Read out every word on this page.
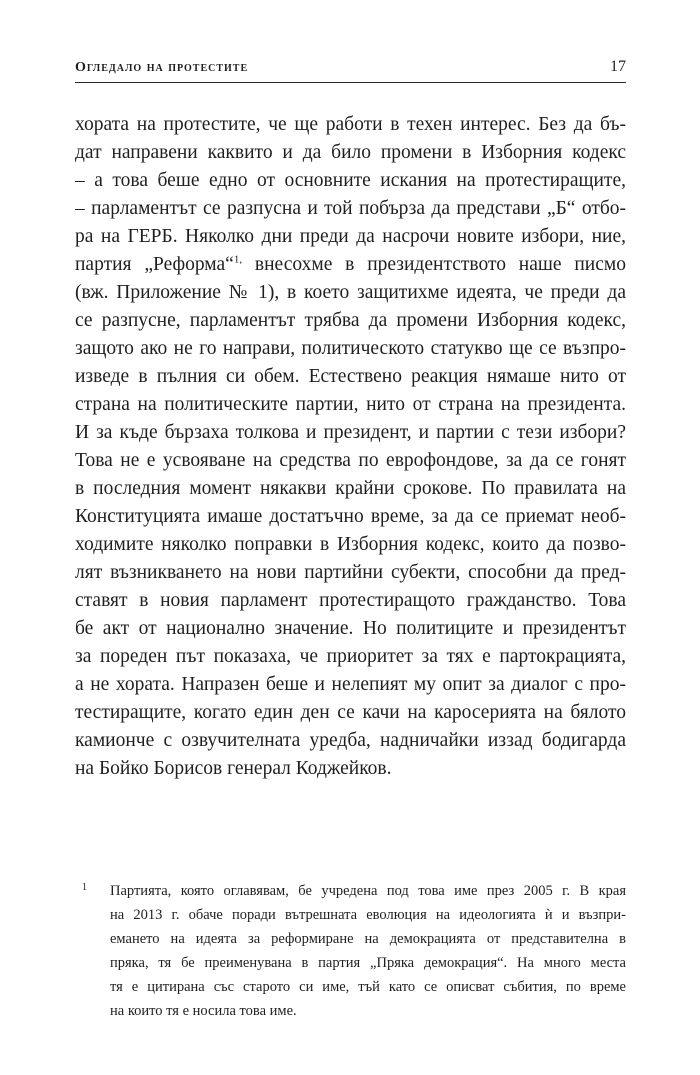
Огледало на протестите	17
хората на протестите, че ще работи в техен интерес. Без да бъ-
дат направени каквито и да било промени в Изборния кодекс
– а това беше едно от основните искания на протестиращите,
– парламентът се разпусна и той побърза да представи „Б“ отбо-
ра на ГЕРБ. Няколко дни преди да насрочи новите избори, ние,
партия „Реформа“$^{1,}$ внесохме в президентството наше писмо
(вж. Приложение № 1), в което защитихме идеята, че преди да
се разпусне, парламентът трябва да промени Изборния кодекс,
защото ако не го направи, политическото статукво ще се възпро-
изведе в пълния си обем. Естествено реакция нямаше нито от
страна на политическите партии, нито от страна на президента.
И за къде бързаха толкова и президент, и партии с тези избори?
Това не е усвояване на средства по еврофондове, за да се гонят
в последния момент някакви крайни срокове. По правилата на
Конституцията имаше достатъчно време, за да се приемат необ-
ходимите няколко поправки в Изборния кодекс, които да позво-
лят възникването на нови партийни субекти, способни да пред-
ставят в новия парламент протестиращото гражданство. Това
бе акт от национално значение. Но политиците и президентът
за пореден път показаха, че приоритет за тях е партокрацията,
а не хората. Напразен беше и нелепият му опит за диалог с про-
тестиращите, когато един ден се качи на каросерията на бялото
камионче с озвучителната уредба, надничайки иззад бодигарда
на Бойко Борисов генерал Коджейков.
1 Партията, която оглавявам, бе учредена под това име през 2005 г. В края
на 2013 г. обаче поради вътрешната еволюция на идеологията ѝ и възпри-
емането на идеята за реформиране на демокрацията от представителна в
пряка, тя бе преименувана в партия „Пряка демокрация“. На много места
тя е цитирана със старото си име, тъй като се описват събития, по време
на които тя е носила това име.
